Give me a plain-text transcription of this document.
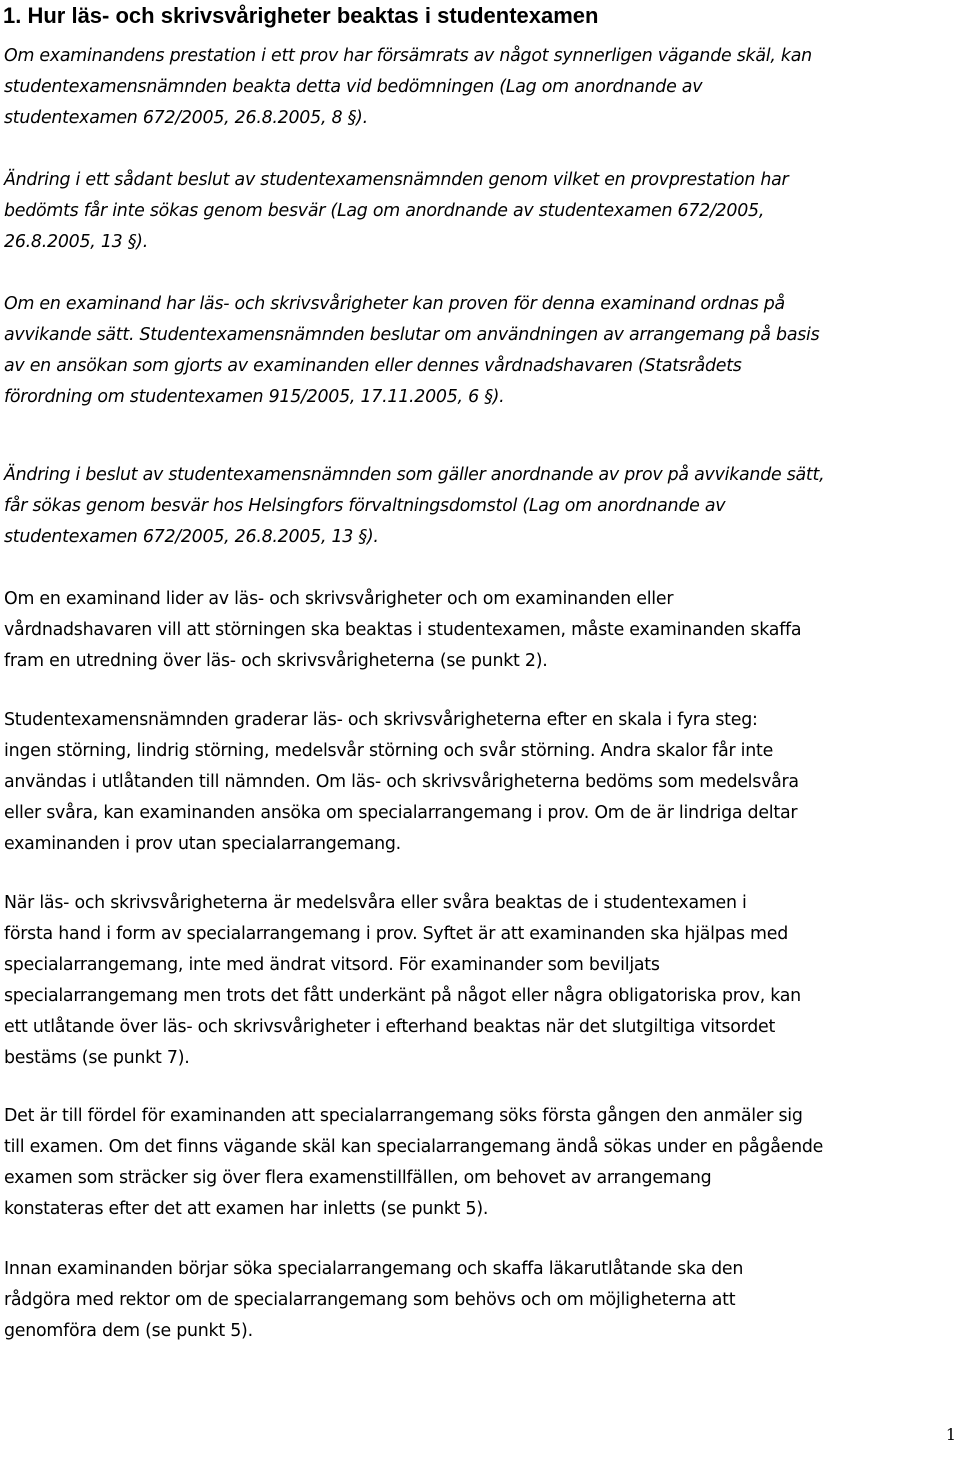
1. Hur läs- och skrivsvårigheter beaktas i studentexamen

Om examinandens prestation i ett prov har försämrats av något synnerligen vägande skäl, kan
studentexamensnämnden beakta detta vid bedömningen (Lag om anordnande av
studentexamen 672/2005, 26.8.2005, 8 §).

Ändring i ett sådant beslut av studentexamensnämnden genom vilket en provprestation har
bedömts får inte sökas genom besvär (Lag om anordnande av studentexamen 672/2005,
26.8.2005, 13 §).

Om en examinand har läs- och skrivsvårigheter kan proven för denna examinand ordnas på
avvikande sätt. Studentexamensnämnden beslutar om användningen av arrangemang på basis
av en ansökan som gjorts av examinanden eller dennes vårdnadshavaren (Statsrådets
förordning om studentexamen 915/2005, 17.11.2005, 6 §).

Ändring i beslut av studentexamensnämnden som gäller anordnande av prov på avvikande sätt,
får sökas genom besvär hos Helsingfors förvaltningsdomstol (Lag om anordnande av
studentexamen 672/2005, 26.8.2005, 13 §).

Om en examinand lider av läs- och skrivsvårigheter och om examinanden eller
vårdnadshavaren vill att störningen ska beaktas i studentexamen, måste examinanden skaffa
fram en utredning över läs- och skrivsvårigheterna (se punkt 2).

Studentexamensnämnden graderar läs- och skrivsvårigheterna efter en skala i fyra steg:
ingen störning, lindrig störning, medelsvår störning och svår störning. Andra skalor får inte
användas i utlåtanden till nämnden. Om läs- och skrivsvårigheterna bedöms som medelsvåra
eller svåra, kan examinanden ansöka om specialarrangemang i prov. Om de är lindriga deltar
examinanden i prov utan specialarrangemang.

När läs- och skrivsvårigheterna är medelsvåra eller svåra beaktas de i studentexamen i
första hand i form av specialarrangemang i prov. Syftet är att examinanden ska hjälpas med
specialarrangemang, inte med ändrat vitsord. För examinander som beviljats
specialarrangemang men trots det fått underkänt på något eller några obligatoriska prov, kan
ett utlåtande över läs- och skrivsvårigheter i efterhand beaktas när det slutgiltiga vitsordet
bestäms (se punkt 7).

Det är till fördel för examinanden att specialarrangemang söks första gången den anmäler sig
till examen. Om det finns vägande skäl kan specialarrangemang ändå sökas under en pågående
examen som sträcker sig över flera examenstillfällen, om behovet av arrangemang
konstateras efter det att examen har inletts (se punkt 5).

Innan examinanden börjar söka specialarrangemang och skaffa läkarutlåtande ska den
rådgöra med rektor om de specialarrangemang som behövs och om möjligheterna att
genomföra dem (se punkt 5).

1
